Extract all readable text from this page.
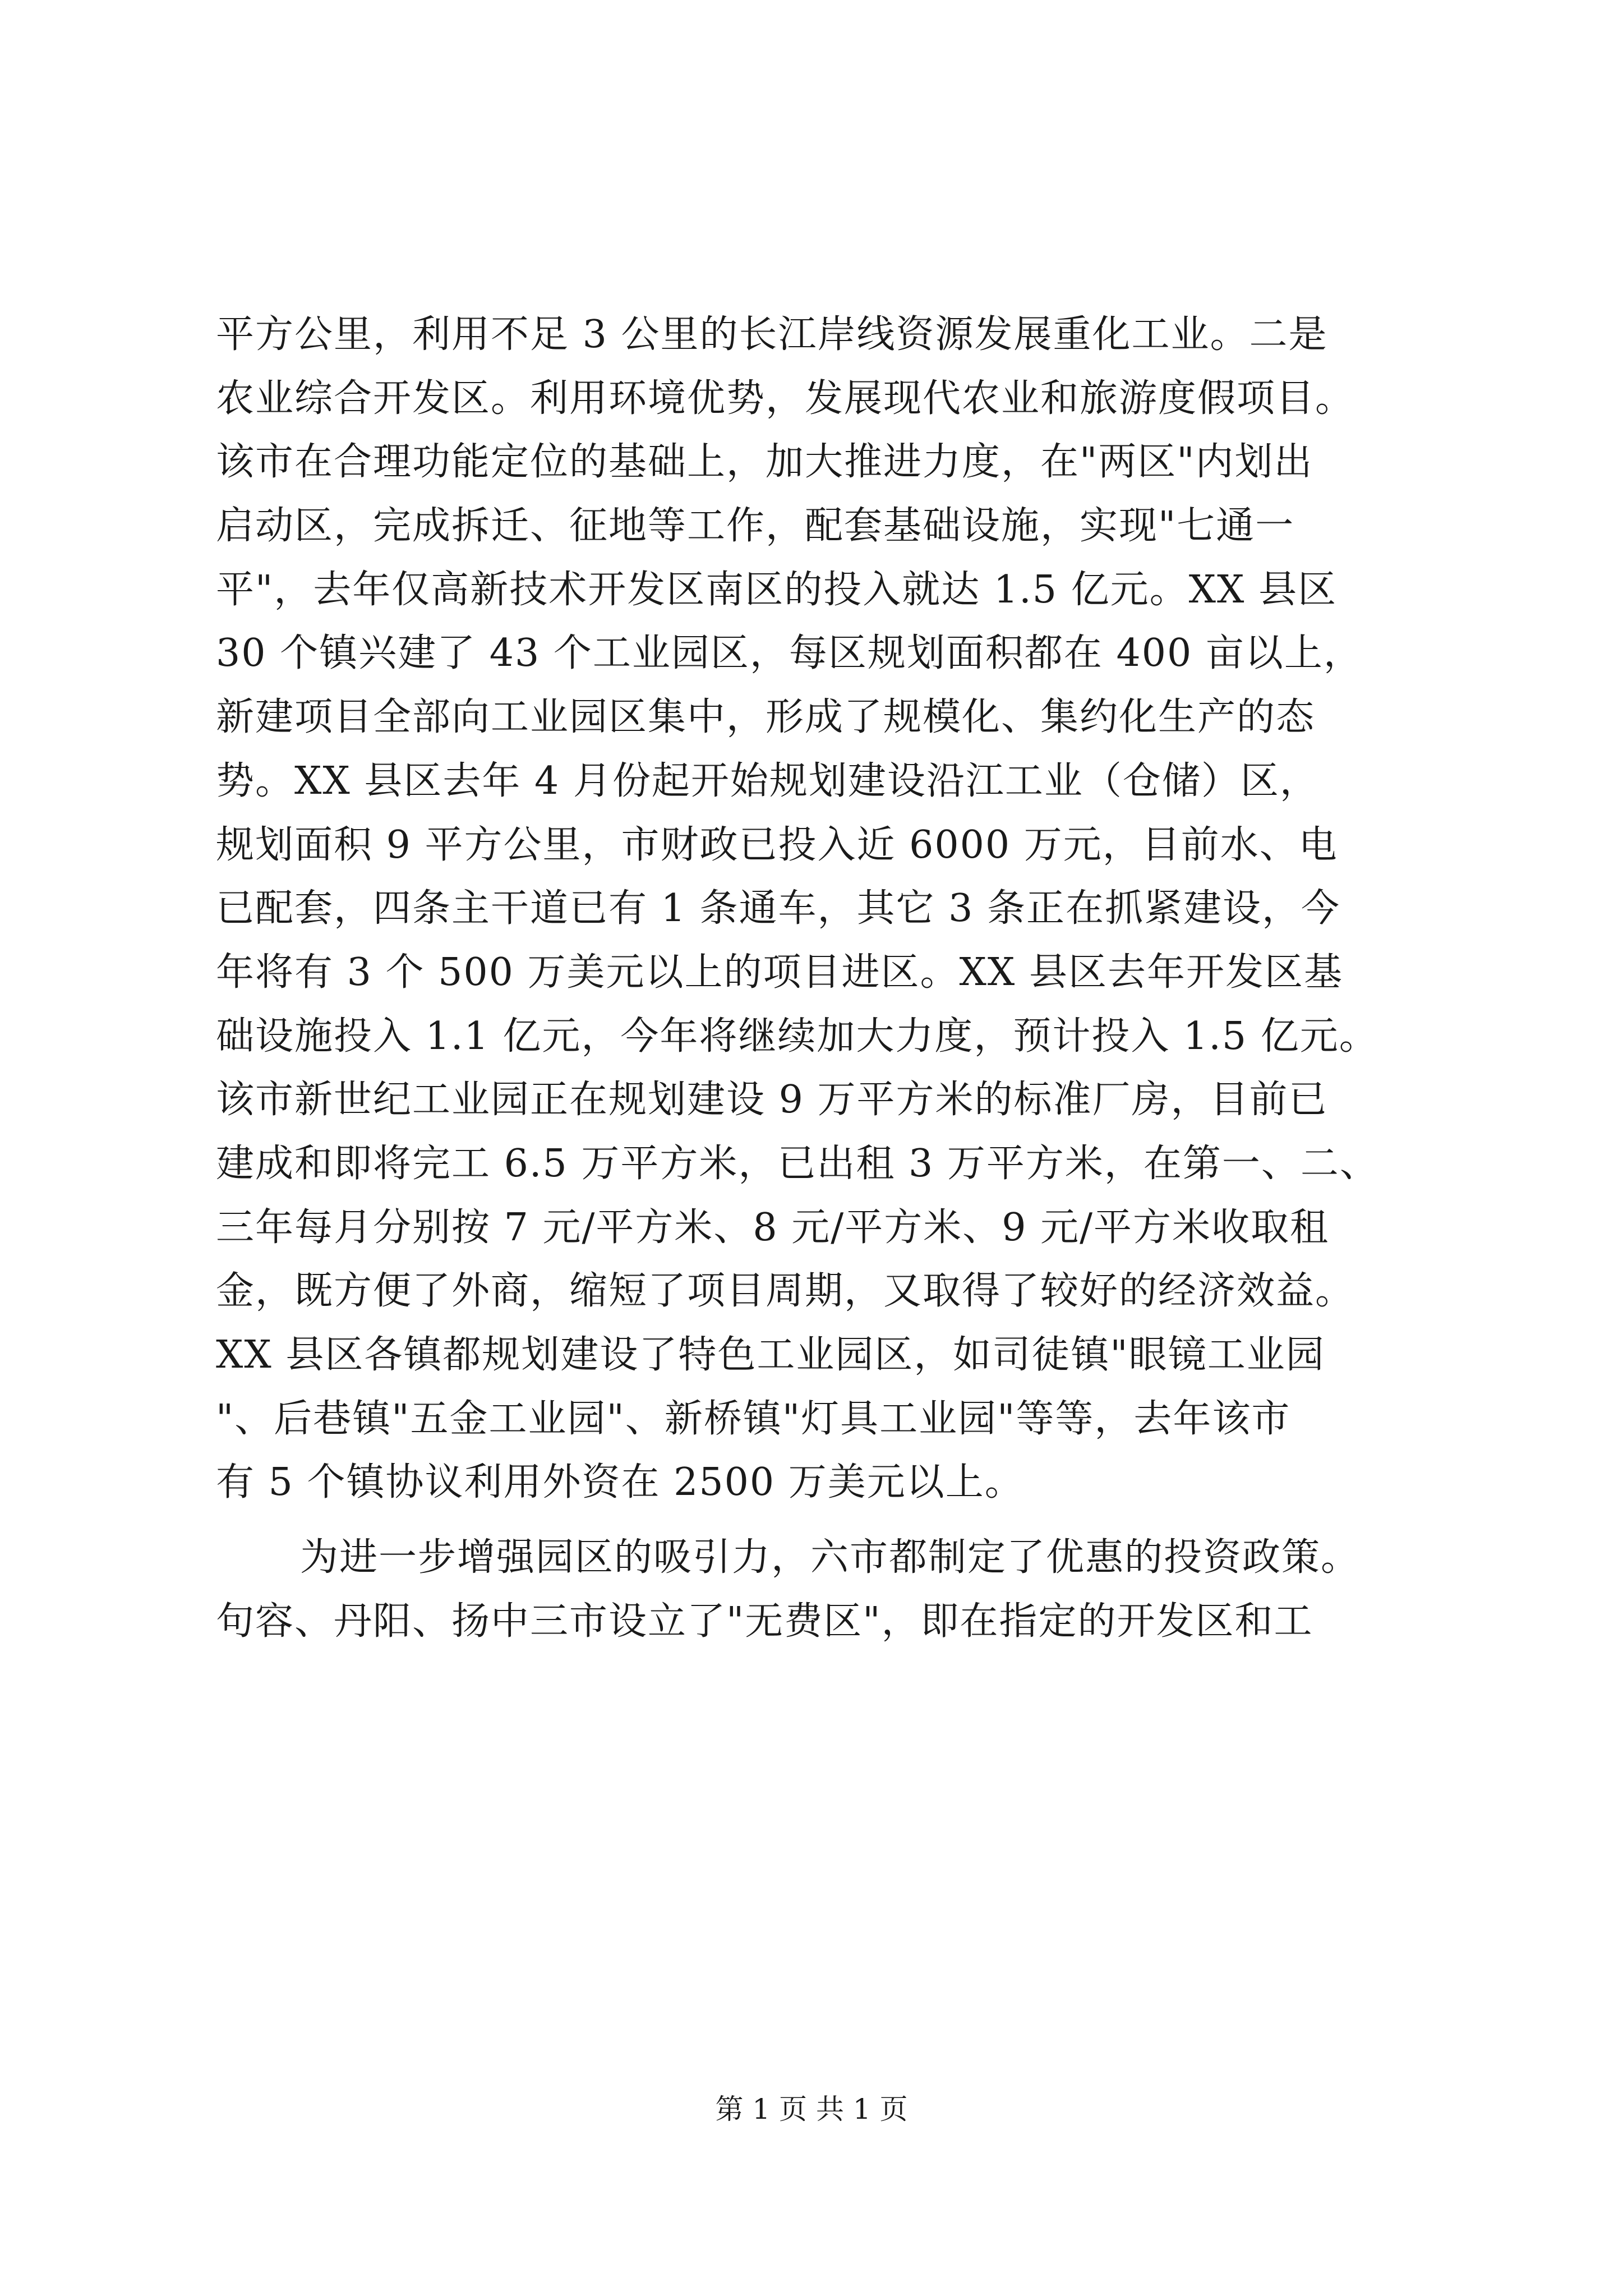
平方公里，利用不足 3 公里的长江岸线资源发展重化工业。二是
农业综合开发区。利用环境优势，发展现代农业和旅游度假项目。
该市在合理功能定位的基础上，加大推进力度，在"两区"内划出
启动区，完成拆迁、征地等工作，配套基础设施，实现"七通一
平"，去年仅高新技术开发区南区的投入就达 1.5 亿元。XX 县区
30 个镇兴建了 43 个工业园区，每区规划面积都在 400 亩以上，
新建项目全部向工业园区集中，形成了规模化、集约化生产的态
势。XX 县区去年 4 月份起开始规划建设沿江工业（仓储）区，
规划面积 9 平方公里，市财政已投入近 6000 万元，目前水、电
已配套，四条主干道已有 1 条通车，其它 3 条正在抓紧建设，今
年将有 3 个 500 万美元以上的项目进区。XX 县区去年开发区基
础设施投入 1.1 亿元，今年将继续加大力度，预计投入 1.5 亿元。
该市新世纪工业园正在规划建设 9 万平方米的标准厂房，目前已
建成和即将完工 6.5 万平方米，已出租 3 万平方米，在第一、二、
三年每月分别按 7 元/平方米、8 元/平方米、9 元/平方米收取租
金，既方便了外商，缩短了项目周期，又取得了较好的经济效益。
XX 县区各镇都规划建设了特色工业园区，如司徒镇"眼镜工业园
"、后巷镇"五金工业园"、新桥镇"灯具工业园"等等，去年该市
有 5 个镇协议利用外资在 2500 万美元以上。
为进一步增强园区的吸引力，六市都制定了优惠的投资政策。
句容、丹阳、扬中三市设立了"无费区"，即在指定的开发区和工
第 1 页 共 1 页
